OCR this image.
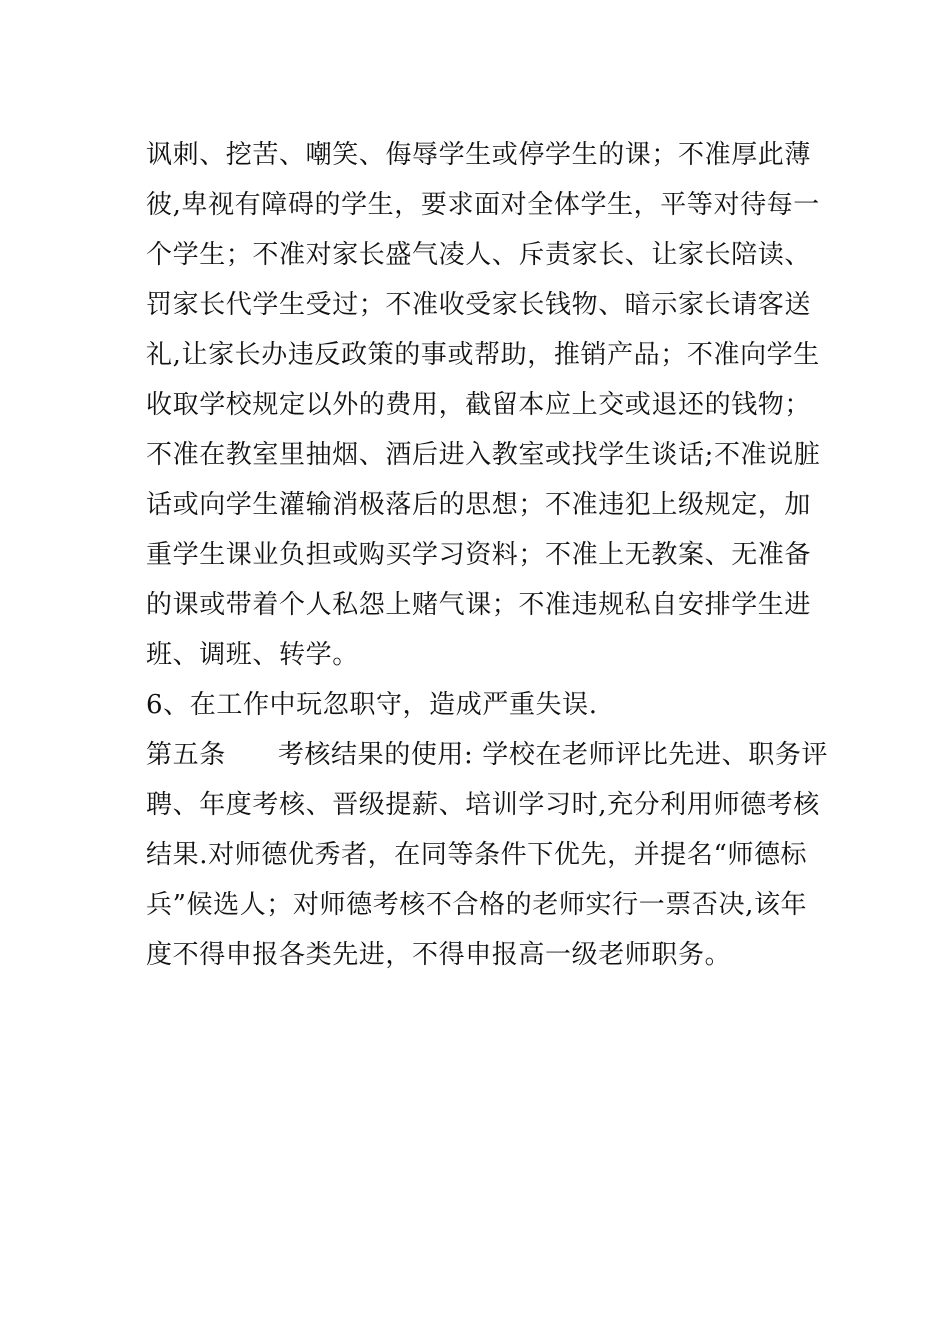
讽刺、挖苦、嘲笑、侮辱学生或停学生的课；不准厚此薄
彼,卑视有障碍的学生，要求面对全体学生，平等对待每一
个学生；不准对家长盛气凌人、斥责家长、让家长陪读、
罚家长代学生受过；不准收受家长钱物、暗示家长请客送
礼,让家长办违反政策的事或帮助，推销产品；不准向学生
收取学校规定以外的费用，截留本应上交或退还的钱物；
不准在教室里抽烟、酒后进入教室或找学生谈话;不准说脏
话或向学生灌输消极落后的思想；不准违犯上级规定，加
重学生课业负担或购买学习资料；不准上无教案、无准备
的课或带着个人私怨上赌气课；不准违规私自安排学生进
班、调班、转学。
6、在工作中玩忽职守，造成严重失误.
第五条 考核结果的使用: 学校在老师评比先进、职务评
聘、年度考核、晋级提薪、培训学习时,充分利用师德考核
结果.对师德优秀者，在同等条件下优先，并提名“师德标
兵”候选人；对师德考核不合格的老师实行一票否决,该年
度不得申报各类先进，不得申报高一级老师职务。
